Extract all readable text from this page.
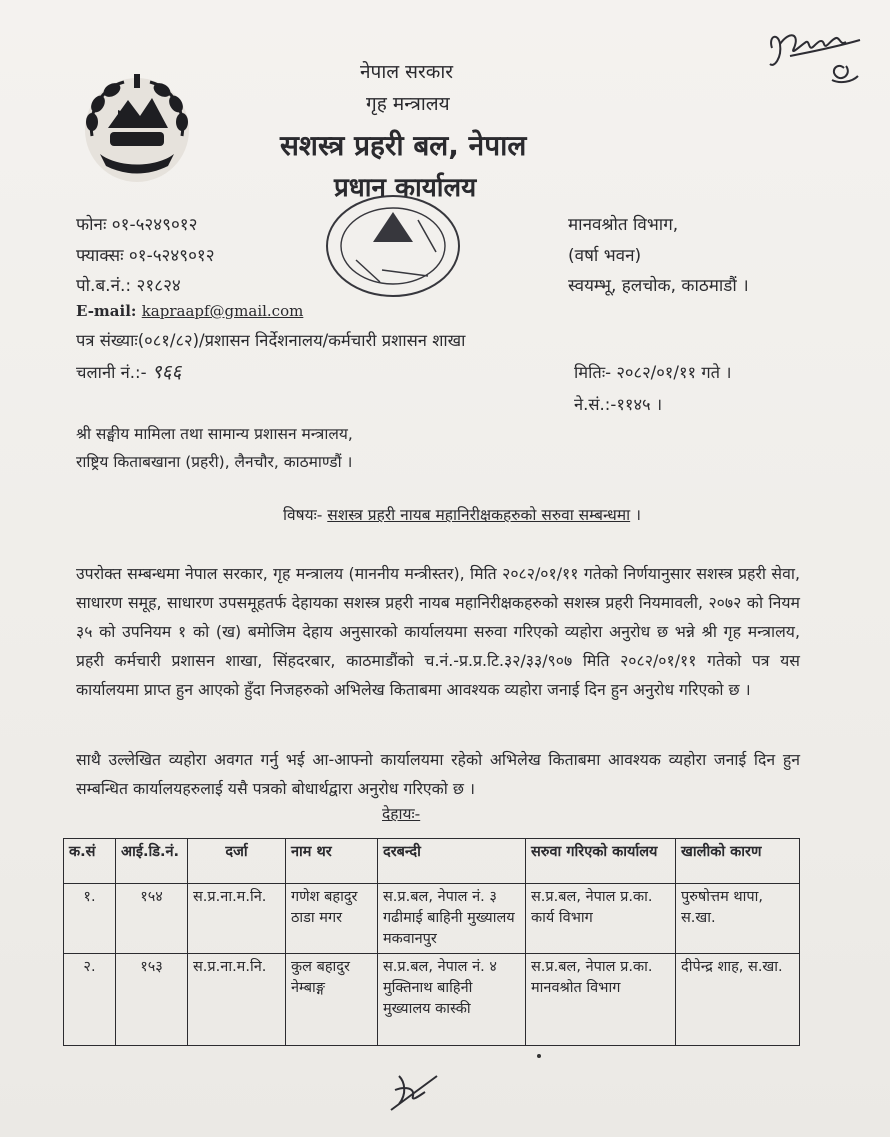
नेपाल सरकार
गृह मन्त्रालय
सशस्त्र प्रहरी बल, नेपाल
प्रधान कार्यालय
फोनः ०१-५२४९०१२
फ्याक्सः ०१-५२४९०१२
पो.ब.नं.: २१८२४
E-mail: kapraapf@gmail.com
मानवश्रोत विभाग,
(वर्षा भवन)
स्वयम्भू, हलचोक, काठमाडौं ।
पत्र संख्याः(०८१/८२)/प्रशासन निर्देशनालय/कर्मचारी प्रशासन शाखा
चलानी नं.:- ९६६	मितिः- २०८२/०१/११ गते ।
ने.सं.:-११४५ ।
श्री सङ्घीय मामिला तथा सामान्य प्रशासन मन्त्रालय,
राष्ट्रिय किताबखाना (प्रहरी), लैनचौर, काठमाण्डौं ।
विषयः- सशस्त्र प्रहरी नायब महानिरीक्षकहरुको सरुवा सम्बन्धमा ।
उपरोक्त सम्बन्धमा नेपाल सरकार, गृह मन्त्रालय (माननीय मन्त्रीस्तर), मिति २०८२/०१/११ गतेको निर्णयानुसार सशस्त्र प्रहरी सेवा, साधारण समूह, साधारण उपसमूहतर्फ देहायका सशस्त्र प्रहरी नायब महानिरीक्षकहरुको सशस्त्र प्रहरी नियमावली, २०७२ को नियम ३५ को उपनियम १ को (ख) बमोजिम देहाय अनुसारको कार्यालयमा सरुवा गरिएको व्यहोरा अनुरोध छ भन्ने श्री गृह मन्त्रालय, प्रहरी कर्मचारी प्रशासन शाखा, सिंहदरबार, काठमाडौंको च.नं.-प्र.प्र.टि.३२/३३/९०७ मिति २०८२/०१/११ गतेको पत्र यस कार्यालयमा प्राप्त हुन आएको हुँदा निजहरुको अभिलेख किताबमा आवश्यक व्यहोरा जनाई दिन हुन अनुरोध गरिएको छ ।
साथै उल्लेखित व्यहोरा अवगत गर्नु भई आ-आफ्नो कार्यालयमा रहेको अभिलेख किताबमा आवश्यक व्यहोरा जनाई दिन हुन सम्बन्धित कार्यालयहरुलाई यसै पत्रको बोधार्थद्वारा अनुरोध गरिएको छ ।
देहायः-
क.सं	आई.डि.नं.	दर्जा	नाम थर	दरबन्दी	सरुवा गरिएको कार्यालय	खालीको कारण
१.	१५४	स.प्र.ना.म.नि.	गणेश बहादुर ठाडा मगर	स.प्र.बल, नेपाल नं. ३ गढीमाई बाहिनी मुख्यालय मकवानपुर	स.प्र.बल, नेपाल प्र.का. कार्य विभाग	पुरुषोत्तम थापा, स.खा.
२.	१५३	स.प्र.ना.म.नि.	कुल बहादुर नेम्बाङ्ग	स.प्र.बल, नेपाल नं. ४ मुक्तिनाथ बाहिनी मुख्यालय कास्की	स.प्र.बल, नेपाल प्र.का. मानवश्रोत विभाग	दीपेन्द्र शाह, स.खा.
